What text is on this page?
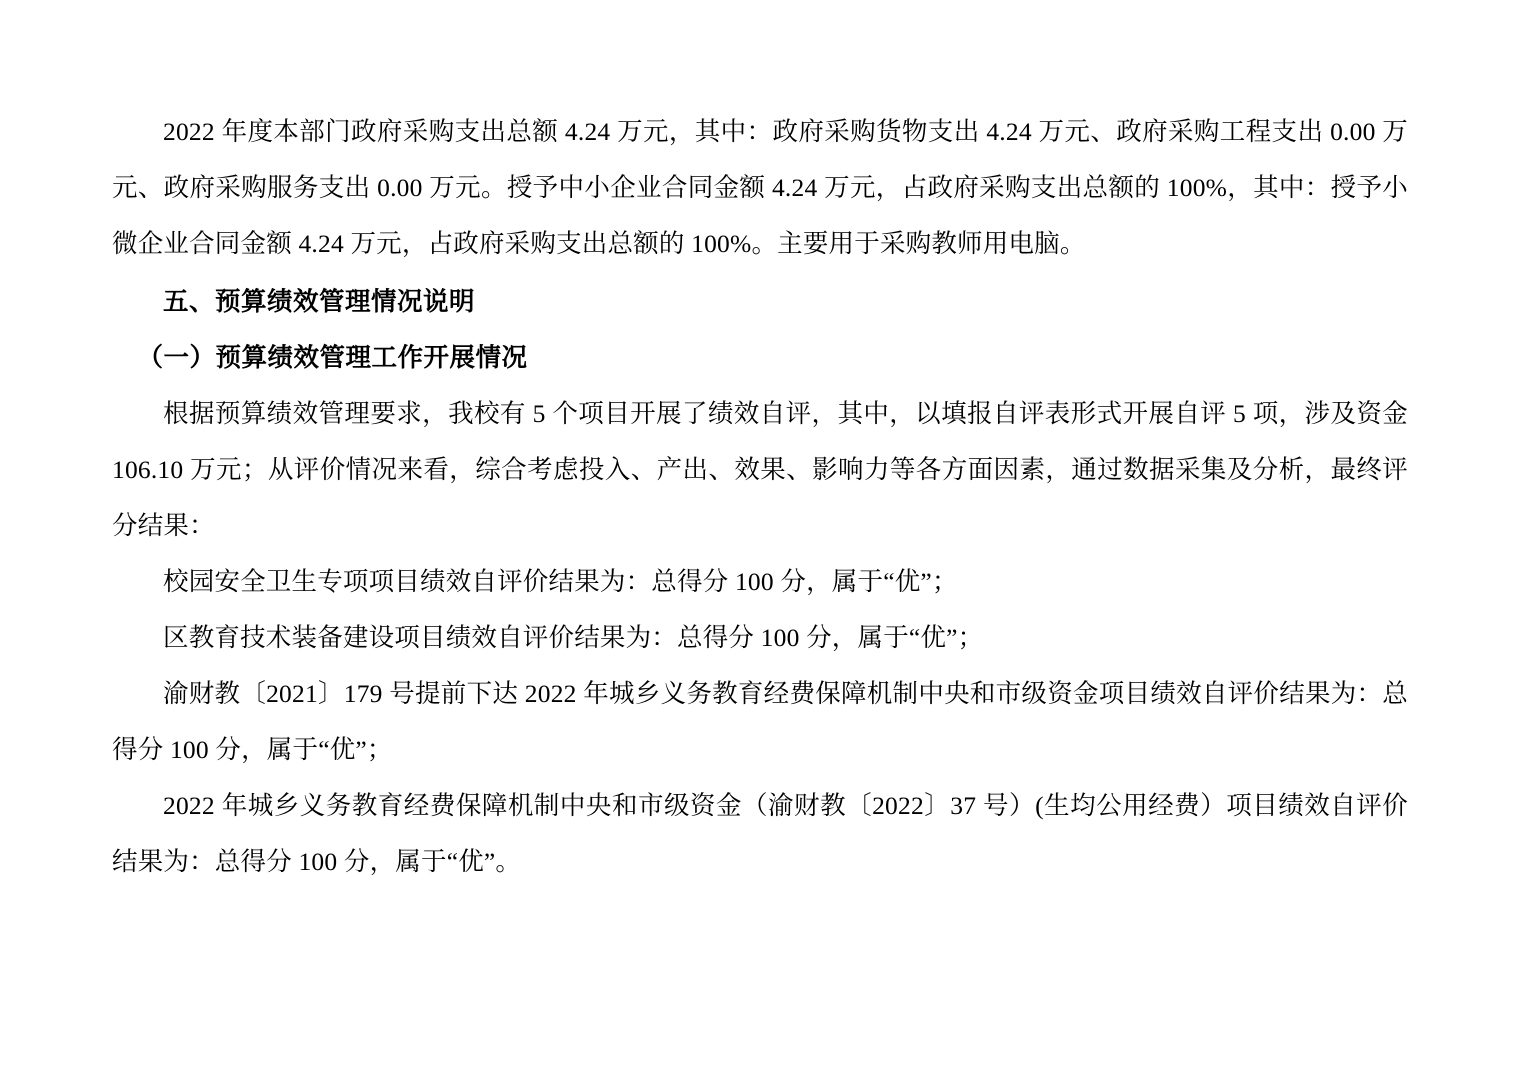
2022 年度本部门政府采购支出总额 4.24 万元，其中：政府采购货物支出 4.24 万元、政府采购工程支出 0.00 万元、政府采购服务支出 0.00 万元。授予中小企业合同金额 4.24 万元，占政府采购支出总额的 100%，其中：授予小微企业合同金额 4.24 万元，占政府采购支出总额的 100%。主要用于采购教师用电脑。

五、预算绩效管理情况说明

（一）预算绩效管理工作开展情况

根据预算绩效管理要求，我校有 5 个项目开展了绩效自评，其中，以填报自评表形式开展自评 5 项，涉及资金 106.10 万元；从评价情况来看，综合考虑投入、产出、效果、影响力等各方面因素，通过数据采集及分析，最终评分结果：

校园安全卫生专项项目绩效自评价结果为：总得分 100 分，属于“优”；

区教育技术装备建设项目绩效自评价结果为：总得分 100 分，属于“优”；

渝财教〔2021〕179 号提前下达 2022 年城乡义务教育经费保障机制中央和市级资金项目绩效自评价结果为：总得分 100 分，属于“优”；

2022 年城乡义务教育经费保障机制中央和市级资金（渝财教〔2022〕37 号）(生均公用经费）项目绩效自评价结果为：总得分 100 分，属于“优”。
